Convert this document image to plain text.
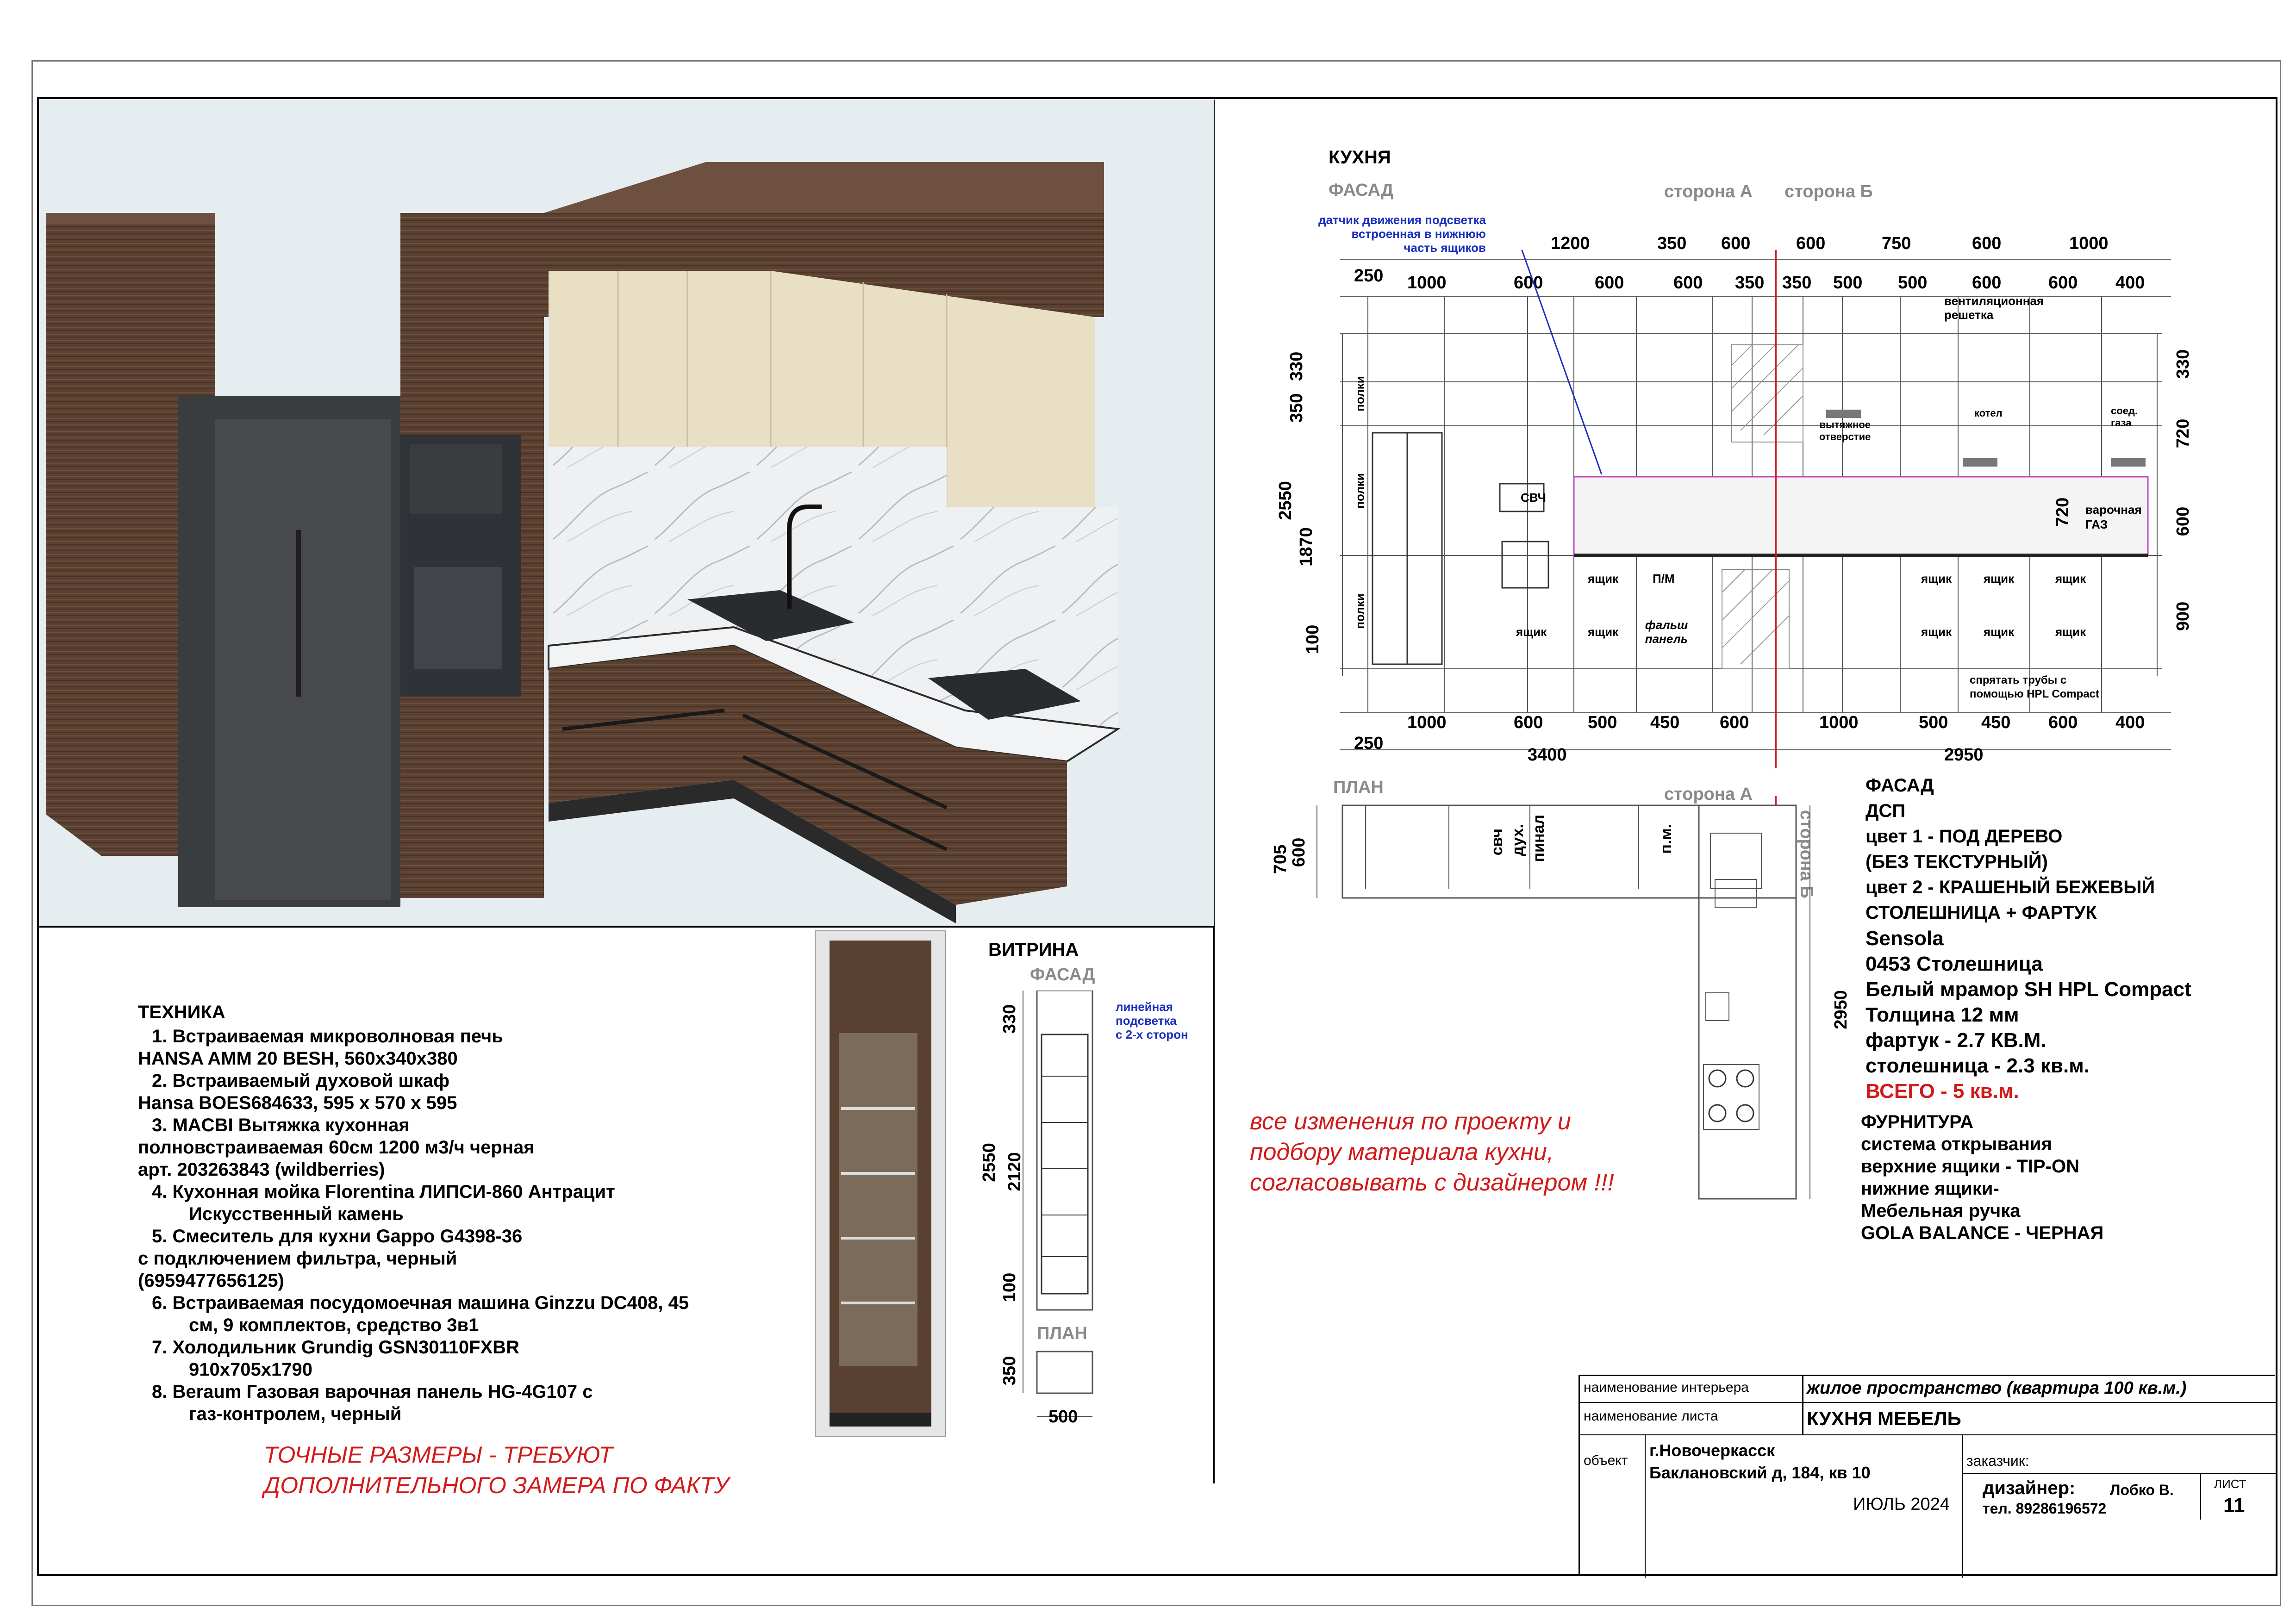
КУХНЯ
ФАСАД	сторона А сторона Б
датчик движения подсветка
встроенная в нижнюю
часть ящиков	1200	350 600	600	750	600	1000
250 1000	600	600	600 350 350 500 500	600	600 400
полки
полки
полки
СВЧ
ящик	П/М
ящик	ящик	фальш панель
ящик	ящик	ящик
ящик	ящик	ящик
вентиляционная
решетка
вытяжное
отверстие
котел	соед.
газа
варочная
ГАЗ
спрятать трубы с
помощью HPL Compact
330
350
2550
1870
100
330
720
600
900
720
1000	600	500 450 600	1000	500 450 600 400
250
3400	2950
ПЛАН	сторона А
сторона Б
705
600
2950
свч дух. пинал	п.м.
ВИТРИНА
ФАСАД
линейная
подсветка
с 2-х сторон
330
2550 2120
100
ПЛАН
350
500
ТЕХНИКА
1. Встраиваемая микроволновая печь
HANSA AMM 20 BESH, 560x340x380
2. Встраиваемый духовой шкаф
Hansa BOES684633, 595 x 570 x 595
3. MACBI Вытяжка кухонная
полновстраиваемая 60см 1200 м3/ч черная
арт. 203263843 (wildberries)
4. Кухонная мойка Florentina ЛИПСИ-860 Антрацит
Искусственный камень
5. Смеситель для кухни Gappo G4398-36
с подключением фильтра, черный
(6959477656125)
6. Встраиваемая посудомоечная машина Ginzzu DC408, 45
см, 9 комплектов, средство 3в1
7. Холодильник Grundig GSN30110FXBR
910x705x1790
8. Beraum Газовая варочная панель HG-4G107 с
газ-контролем, черный
ТОЧНЫЕ РАЗМЕРЫ - ТРЕБУЮТ
ДОПОЛНИТЕЛЬНОГО ЗАМЕРА ПО ФАКТУ
все изменения по проекту и
подбору материала кухни,
согласовывать с дизайнером !!!
ФАСАД
ДСП
цвет 1 - ПОД ДЕРЕВО
(БЕЗ ТЕКСТУРНЫЙ)
цвет 2 - КРАШЕНЫЙ БЕЖЕВЫЙ
СТОЛЕШНИЦА + ФАРТУК
Sensola
0453 Столешница
Белый мрамор SH HPL Compact
Толщина 12 мм
фартук - 2.7 КВ.М.
столешница - 2.3 кв.м.
ВСЕГО - 5 кв.м.
ФУРНИТУРА
система открывания
верхние ящики - TIP-ON
нижние ящики-
Мебельная ручка
GOLA BALANCE - ЧЕРНАЯ
наименование интерьера	жилое пространство (квартира 100 кв.м.)
наименование листа	КУХНЯ МЕБЕЛЬ
объект
г.Новочеркасск
Баклановский д, 184, кв 10
ИЮЛЬ 2024
заказчик:
дизайнер: Лобко В.
тел. 89286196572
ЛИСТ
11
